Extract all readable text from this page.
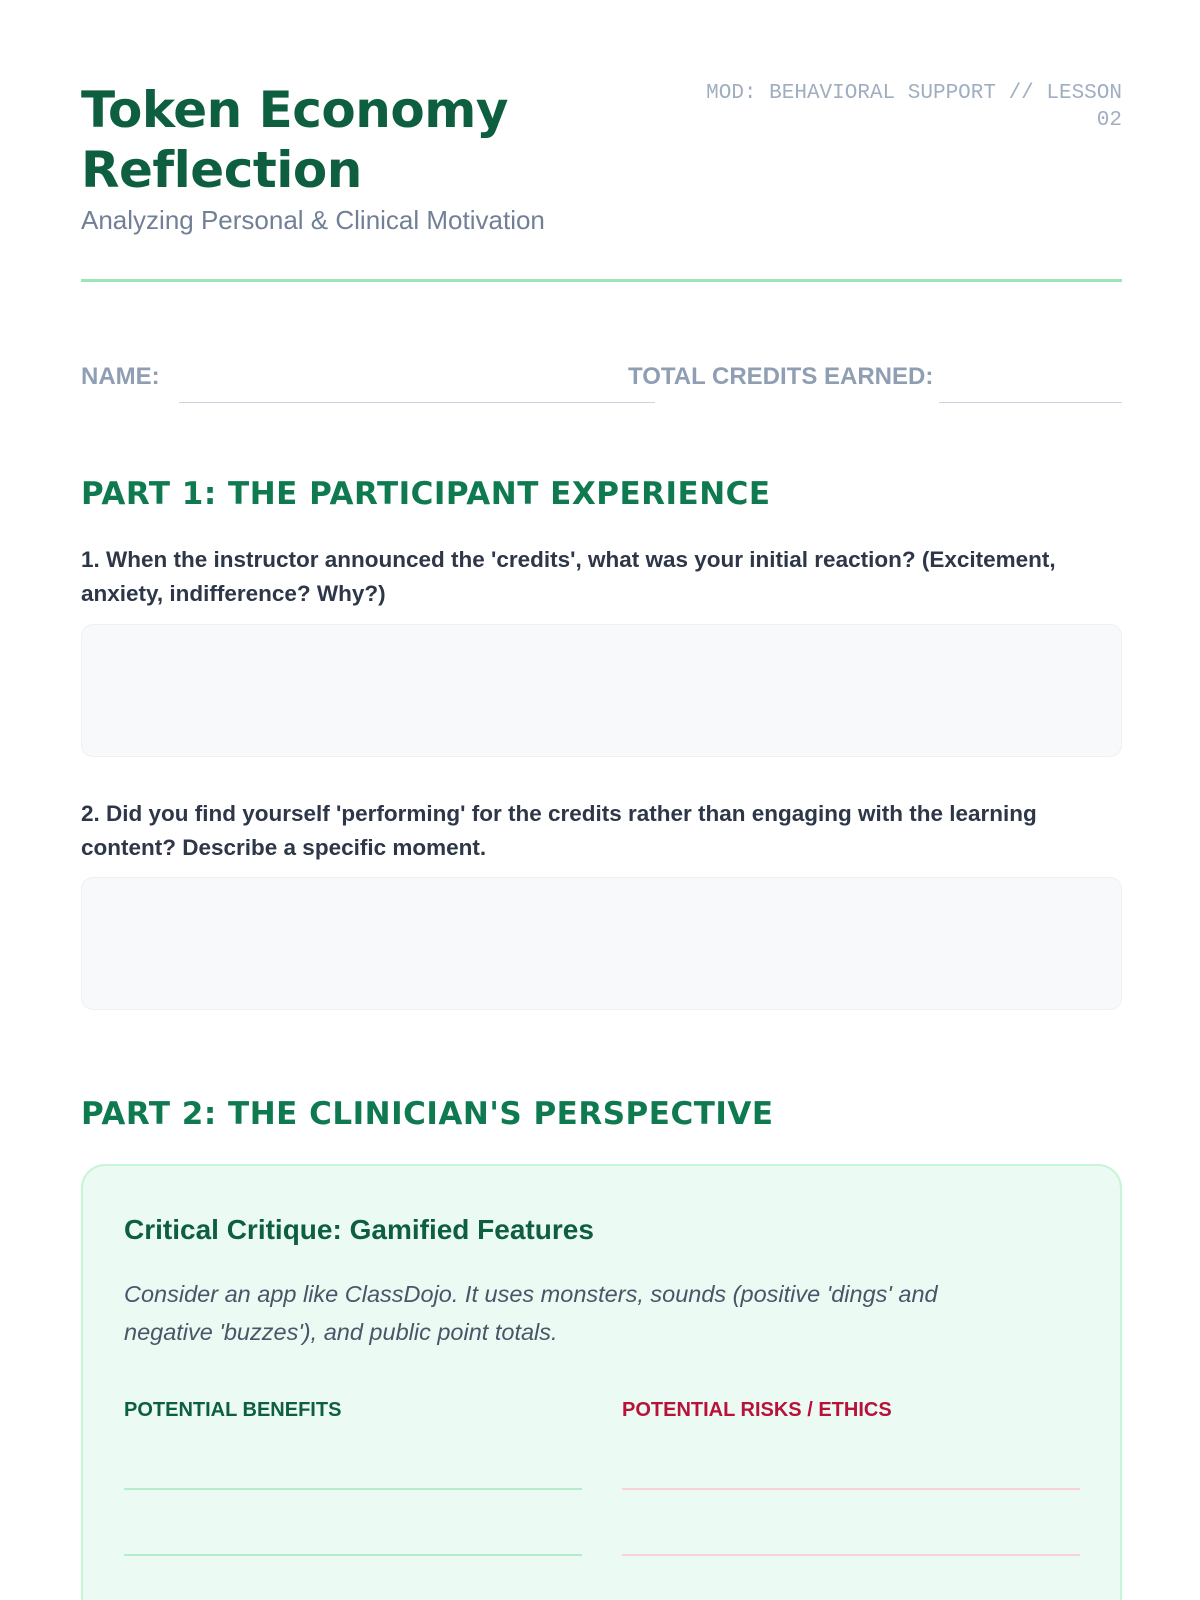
Token Economy Reflection
Analyzing Personal & Clinical Motivation
MOD: BEHAVIORAL SUPPORT // LESSON 02
NAME:	TOTAL CREDITS EARNED:
PART 1: THE PARTICIPANT EXPERIENCE
1. When the instructor announced the 'credits', what was your initial reaction? (Excitement, anxiety, indifference? Why?)
2. Did you find yourself 'performing' for the credits rather than engaging with the learning content? Describe a specific moment.
PART 2: THE CLINICIAN'S PERSPECTIVE
Critical Critique: Gamified Features

Consider an app like ClassDojo. It uses monsters, sounds (positive 'dings' and negative 'buzzes'), and public point totals.

POTENTIAL BENEFITS	POTENTIAL RISKS / ETHICS
